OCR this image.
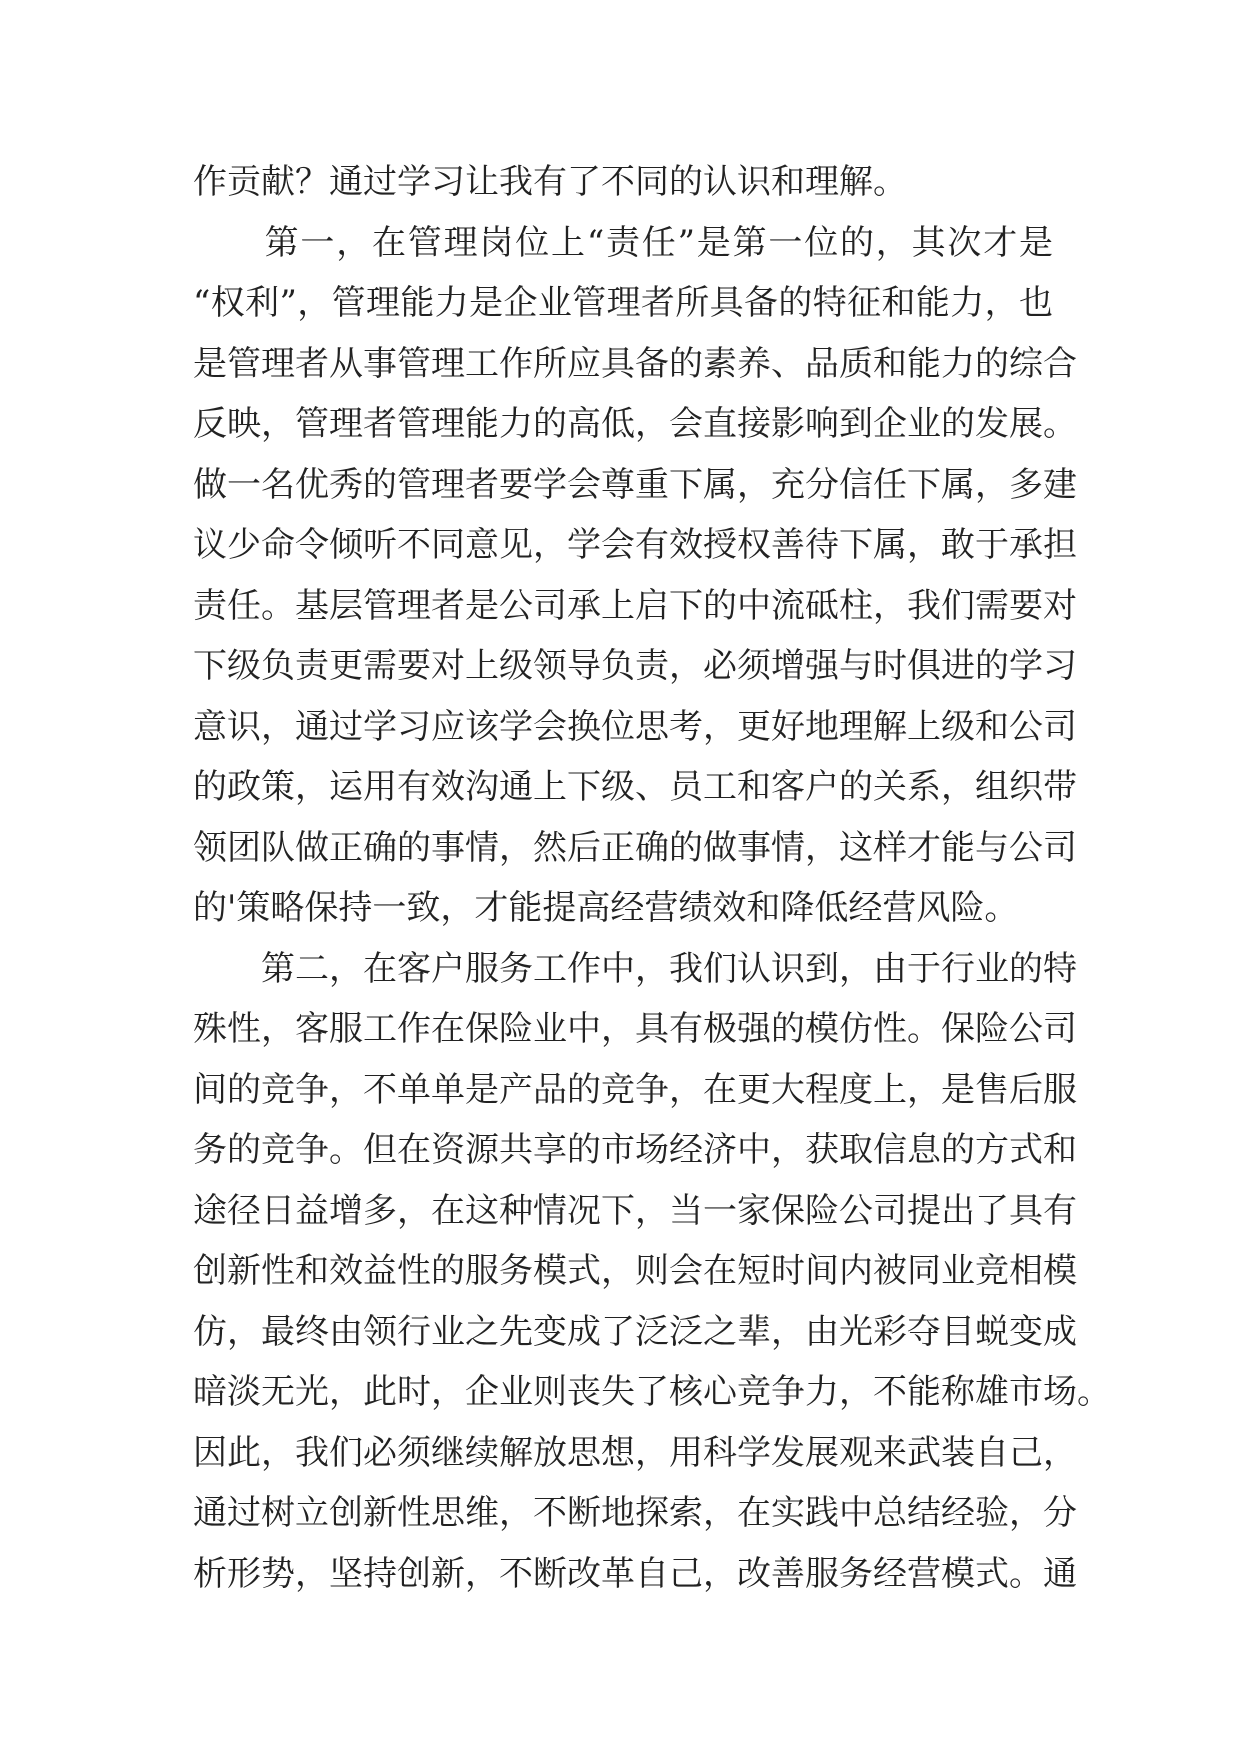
作贡献？通过学习让我有了不同的认识和理解。
　　第一，在管理岗位上“责任”是第一位的，其次才是
“权利”，管理能力是企业管理者所具备的特征和能力，也
是管理者从事管理工作所应具备的素养、品质和能力的综合
反映，管理者管理能力的高低，会直接影响到企业的发展。
做一名优秀的管理者要学会尊重下属，充分信任下属，多建
议少命令倾听不同意见，学会有效授权善待下属，敢于承担
责任。基层管理者是公司承上启下的中流砥柱，我们需要对
下级负责更需要对上级领导负责，必须增强与时俱进的学习
意识，通过学习应该学会换位思考，更好地理解上级和公司
的政策，运用有效沟通上下级、员工和客户的关系，组织带
领团队做正确的事情，然后正确的做事情，这样才能与公司
的'策略保持一致，才能提高经营绩效和降低经营风险。
　　第二，在客户服务工作中，我们认识到，由于行业的特
殊性，客服工作在保险业中，具有极强的模仿性。保险公司
间的竞争，不单单是产品的竞争，在更大程度上，是售后服
务的竞争。但在资源共享的市场经济中，获取信息的方式和
途径日益增多，在这种情况下，当一家保险公司提出了具有
创新性和效益性的服务模式，则会在短时间内被同业竞相模
仿，最终由领行业之先变成了泛泛之辈，由光彩夺目蜕变成
暗淡无光，此时，企业则丧失了核心竞争力，不能称雄市场。
因此，我们必须继续解放思想，用科学发展观来武装自己，
通过树立创新性思维，不断地探索，在实践中总结经验，分
析形势，坚持创新，不断改革自己，改善服务经营模式。通
